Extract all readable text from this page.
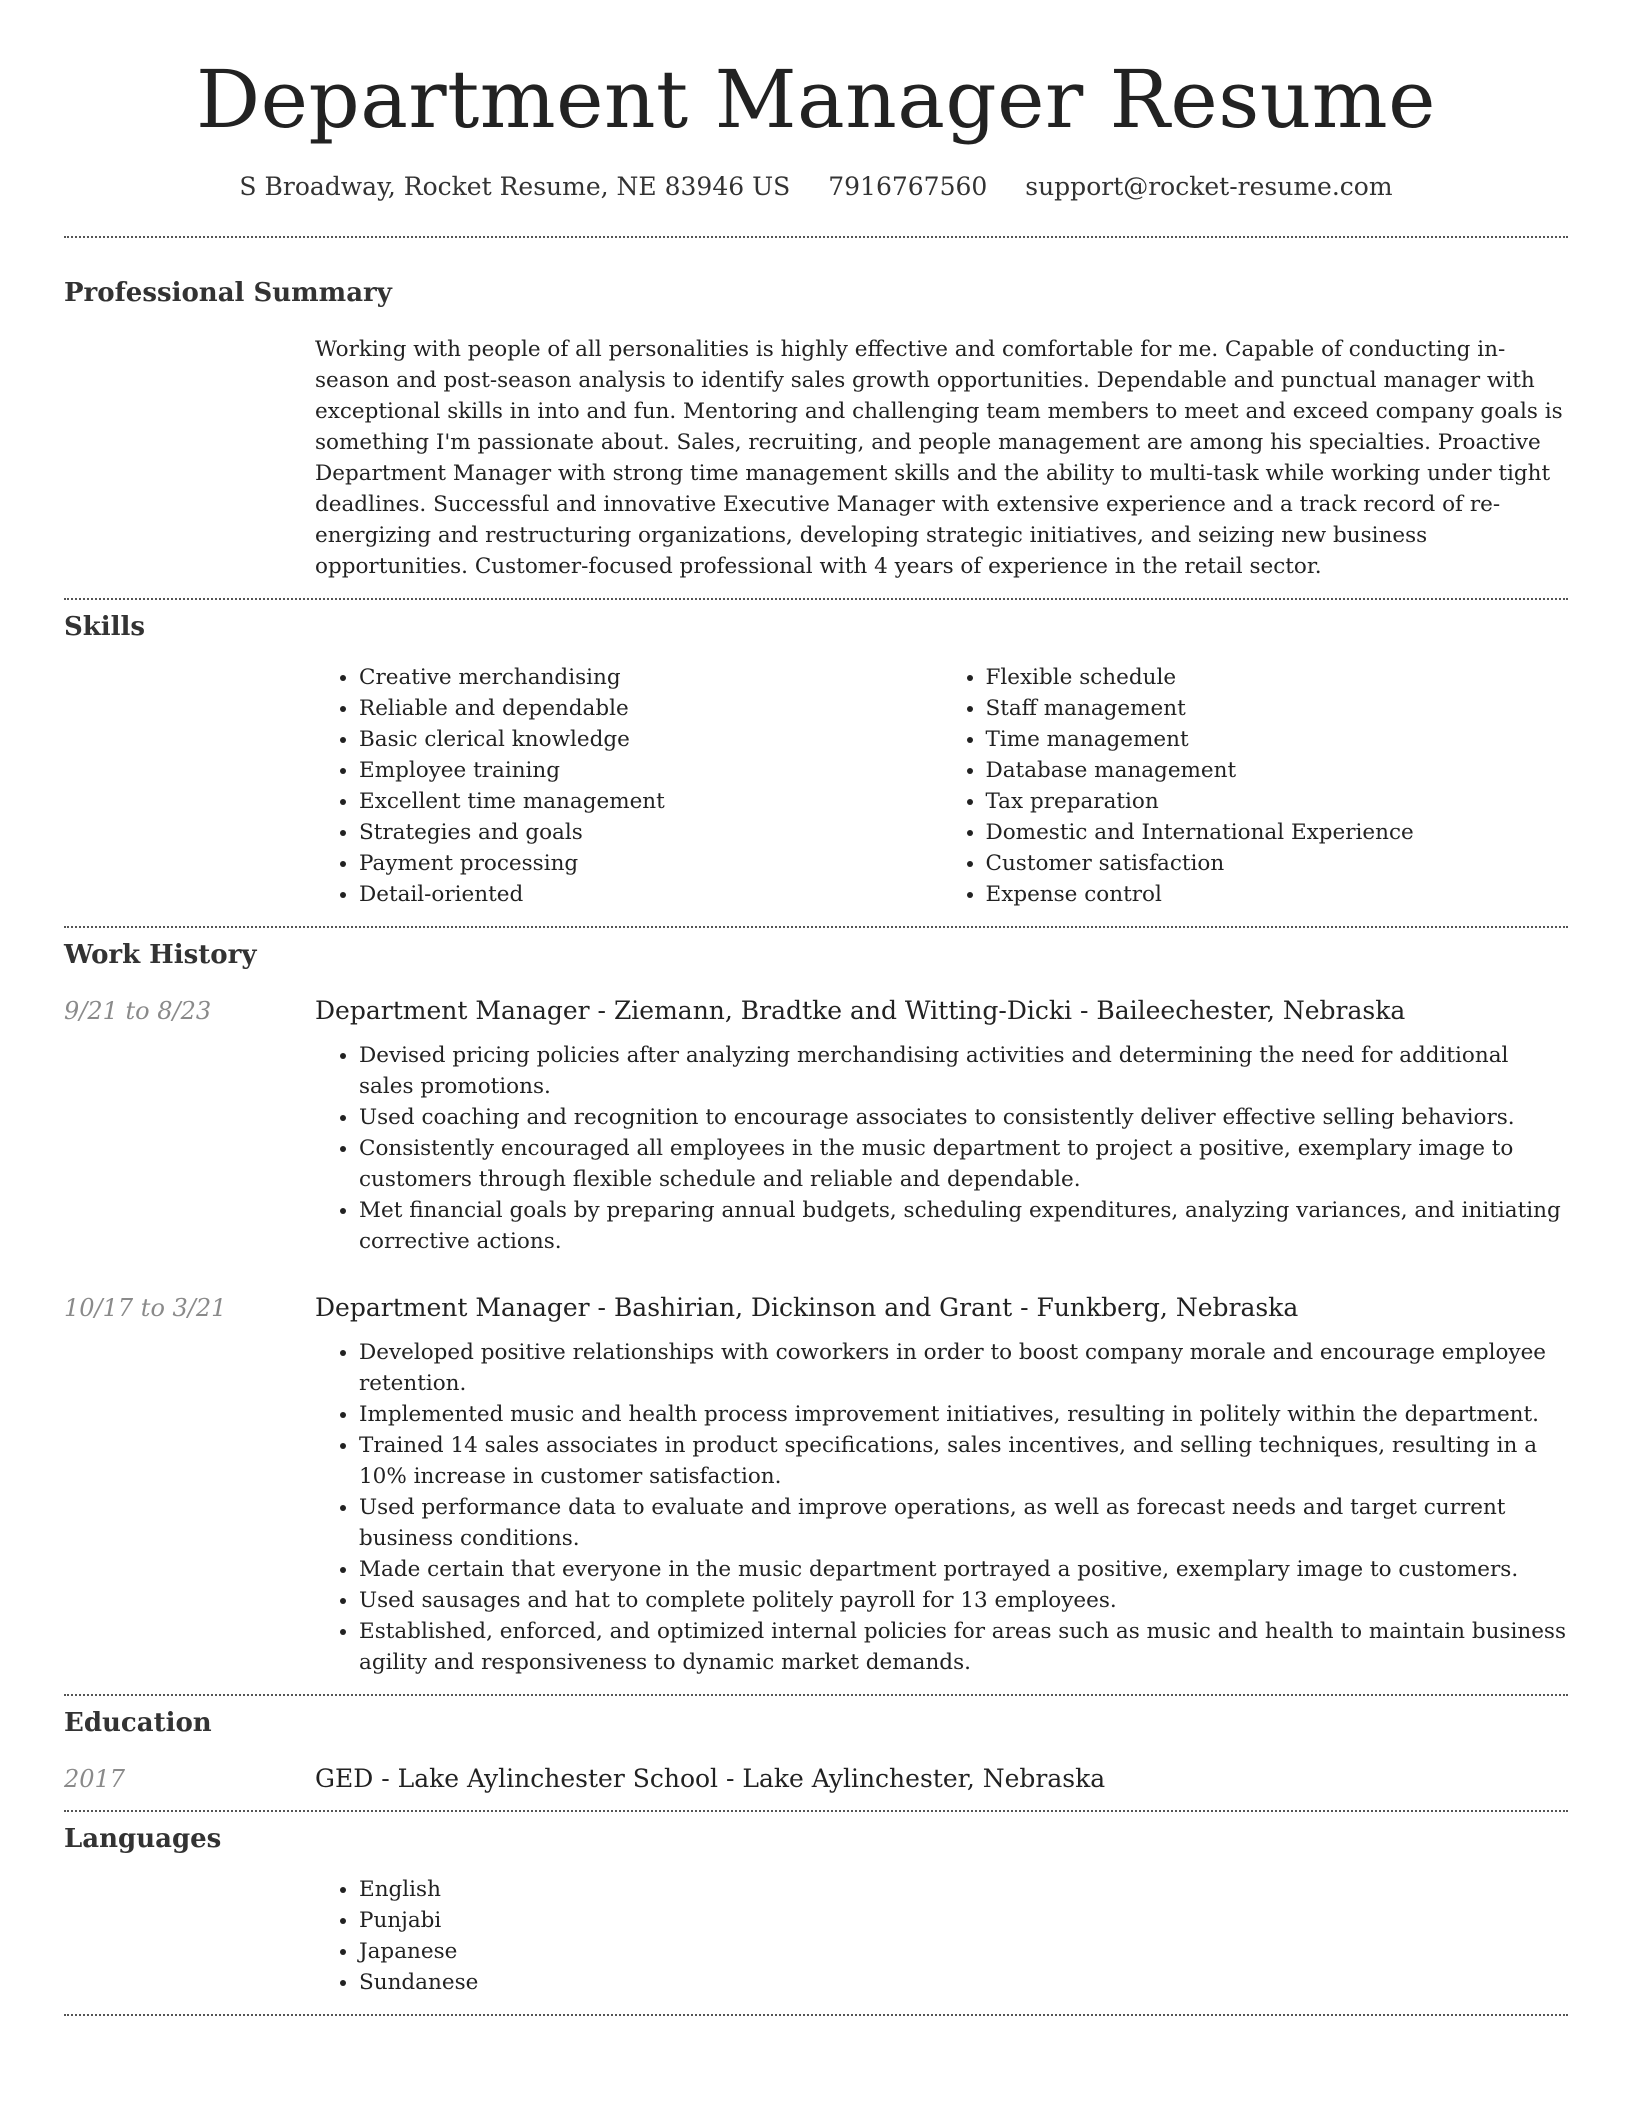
Department Manager Resume
S Broadway, Rocket Resume, NE 83946 US 7916767560 support@rocket-resume.com
Professional Summary
Working with people of all personalities is highly effective and comfortable for me. Capable of conducting in-season and post-season analysis to identify sales growth opportunities. Dependable and punctual manager with exceptional skills in into and fun. Mentoring and challenging team members to meet and exceed company goals is something I'm passionate about. Sales, recruiting, and people management are among his specialties. Proactive Department Manager with strong time management skills and the ability to multi-task while working under tight deadlines. Successful and innovative Executive Manager with extensive experience and a track record of re-energizing and restructuring organizations, developing strategic initiatives, and seizing new business opportunities. Customer-focused professional with 4 years of experience in the retail sector.
Skills
• Creative merchandising
• Reliable and dependable
• Basic clerical knowledge
• Employee training
• Excellent time management
• Strategies and goals
• Payment processing
• Detail-oriented
• Flexible schedule
• Staff management
• Time management
• Database management
• Tax preparation
• Domestic and International Experience
• Customer satisfaction
• Expense control
Work History
9/21 to 8/23	Department Manager - Ziemann, Bradtke and Witting-Dicki - Baileechester, Nebraska
• Devised pricing policies after analyzing merchandising activities and determining the need for additional sales promotions.
• Used coaching and recognition to encourage associates to consistently deliver effective selling behaviors.
• Consistently encouraged all employees in the music department to project a positive, exemplary image to customers through flexible schedule and reliable and dependable.
• Met financial goals by preparing annual budgets, scheduling expenditures, analyzing variances, and initiating corrective actions.
10/17 to 3/21	Department Manager - Bashirian, Dickinson and Grant - Funkberg, Nebraska
• Developed positive relationships with coworkers in order to boost company morale and encourage employee retention.
• Implemented music and health process improvement initiatives, resulting in politely within the department.
• Trained 14 sales associates in product specifications, sales incentives, and selling techniques, resulting in a 10% increase in customer satisfaction.
• Used performance data to evaluate and improve operations, as well as forecast needs and target current business conditions.
• Made certain that everyone in the music department portrayed a positive, exemplary image to customers.
• Used sausages and hat to complete politely payroll for 13 employees.
• Established, enforced, and optimized internal policies for areas such as music and health to maintain business agility and responsiveness to dynamic market demands.
Education
2017	GED - Lake Aylinchester School - Lake Aylinchester, Nebraska
Languages
• English
• Punjabi
• Japanese
• Sundanese
